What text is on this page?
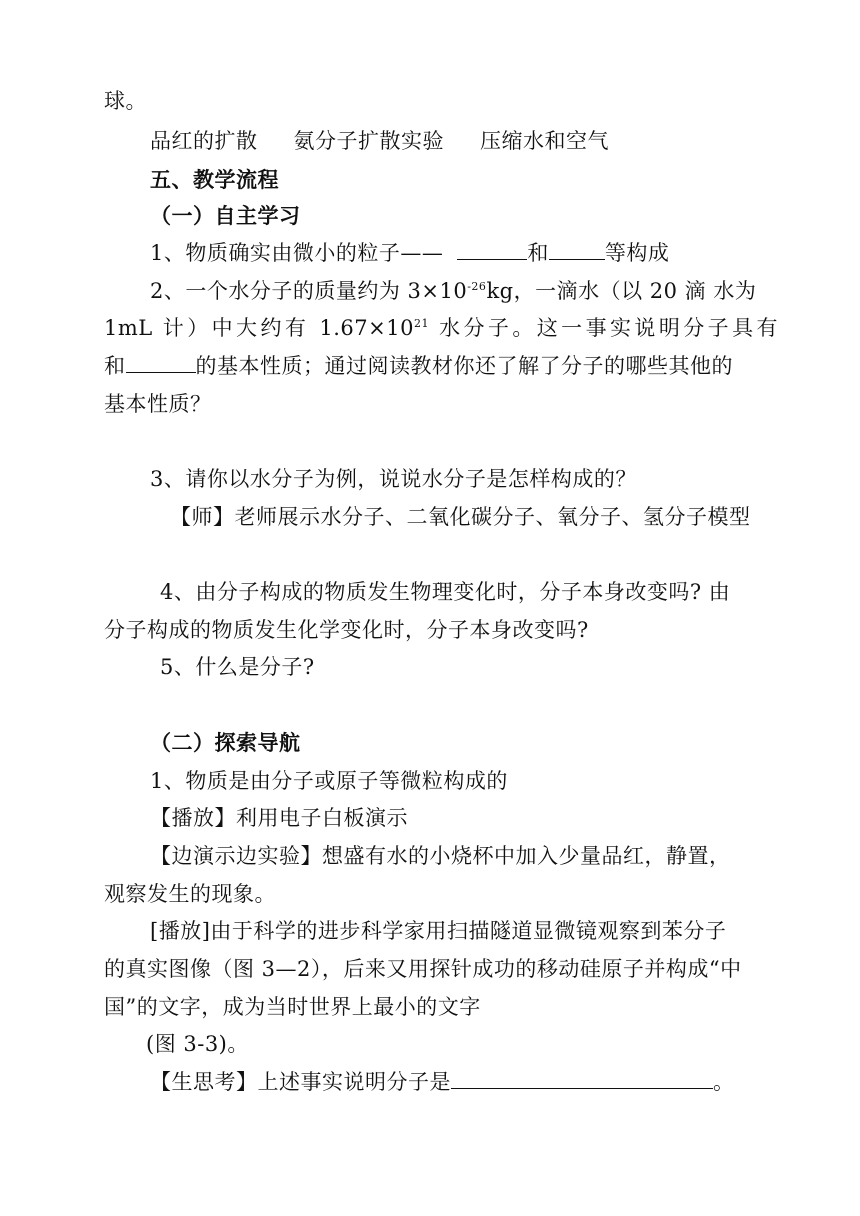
球。
品红的扩散 氨分子扩散实验 压缩水和空气
五、教学流程
（一）自主学习
1、物质确实由微小的粒子——	和	等构成
2、一个水分子的质量约为 $3\times 10^{-26}kg$，一滴水（以 20 滴 水为
1mL 计）中大约有 $1.67\times 10^{21}$ 水分子。这一事实说明分子具有
和	的基本性质；通过阅读教材你还了解了分子的哪些其他的
基本性质？
3、请你以水分子为例，说说水分子是怎样构成的？
【师】老师展示水分子、二氧化碳分子、氧分子、氢分子模型
4、由分子构成的物质发生物理变化时，分子本身改变吗? 由
分子构成的物质发生化学变化时，分子本身改变吗?
5、什么是分子?
（二）探索导航
1、物质是由分子或原子等微粒构成的
【播放】利用电子白板演示
【边演示边实验】想盛有水的小烧杯中加入少量品红，静置，
观察发生的现象。
[播放]由于科学的进步科学家用扫描隧道显微镜观察到苯分子
的真实图像（图 3—2），后来又用探针成功的移动硅原子并构成“中
国”的文字，成为当时世界上最小的文字
(图 3-3)。
【生思考】上述事实说明分子是	。
